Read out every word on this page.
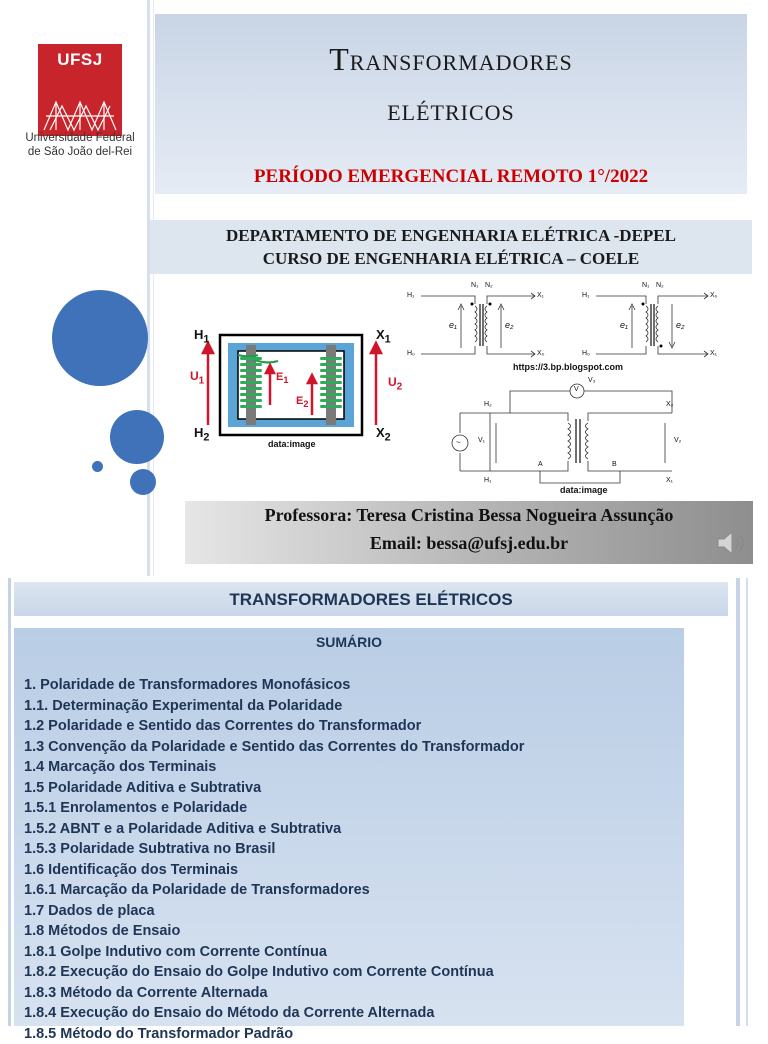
UFSJ
Universidade Federal
de São João del-Rei
Transformadores
elétricos
PERÍODO EMERGENCIAL REMOTO 1°/2022
DEPARTAMENTO DE ENGENHARIA ELÉTRICA -DEPEL
CURSO DE ENGENHARIA ELÉTRICA – COELE
$H_1$
$H_2$
$X_1$
$X_2$
$U_1$	$U_2$
$E_1$
$E_2$
data:image
H₁
H₀
N₁ N₂
X₁
X₀
e₁	e₂
https://3.bp.blogspot.com
H₁
H₀
N₁ N₂
X₀
X₁
e₁	e₂
H₂
H₁
X₂
X₁
V₁	V₂
V₃
V
~
A	B
data:image
Professora: Teresa Cristina Bessa Nogueira Assunção
Email: bessa@ufsj.edu.br
TRANSFORMADORES ELÉTRICOS
SUMÁRIO
1. Polaridade de Transformadores Monofásicos
1.1. Determinação Experimental da Polaridade
1.2 Polaridade e Sentido das Correntes do Transformador
1.3 Convenção da Polaridade e Sentido das Correntes do Transformador
1.4 Marcação dos Terminais
1.5 Polaridade Aditiva e Subtrativa
1.5.1 Enrolamentos e Polaridade
1.5.2 ABNT e a Polaridade Aditiva e Subtrativa
1.5.3 Polaridade Subtrativa no Brasil
1.6 Identificação dos Terminais
1.6.1 Marcação da Polaridade de Transformadores
1.7 Dados de placa
1.8 Métodos de Ensaio
1.8.1 Golpe Indutivo com Corrente Contínua
1.8.2 Execução do Ensaio do Golpe Indutivo com Corrente Contínua
1.8.3 Método da Corrente Alternada
1.8.4 Execução do Ensaio do Método da Corrente Alternada
1.8.5 Método do Transformador Padrão
